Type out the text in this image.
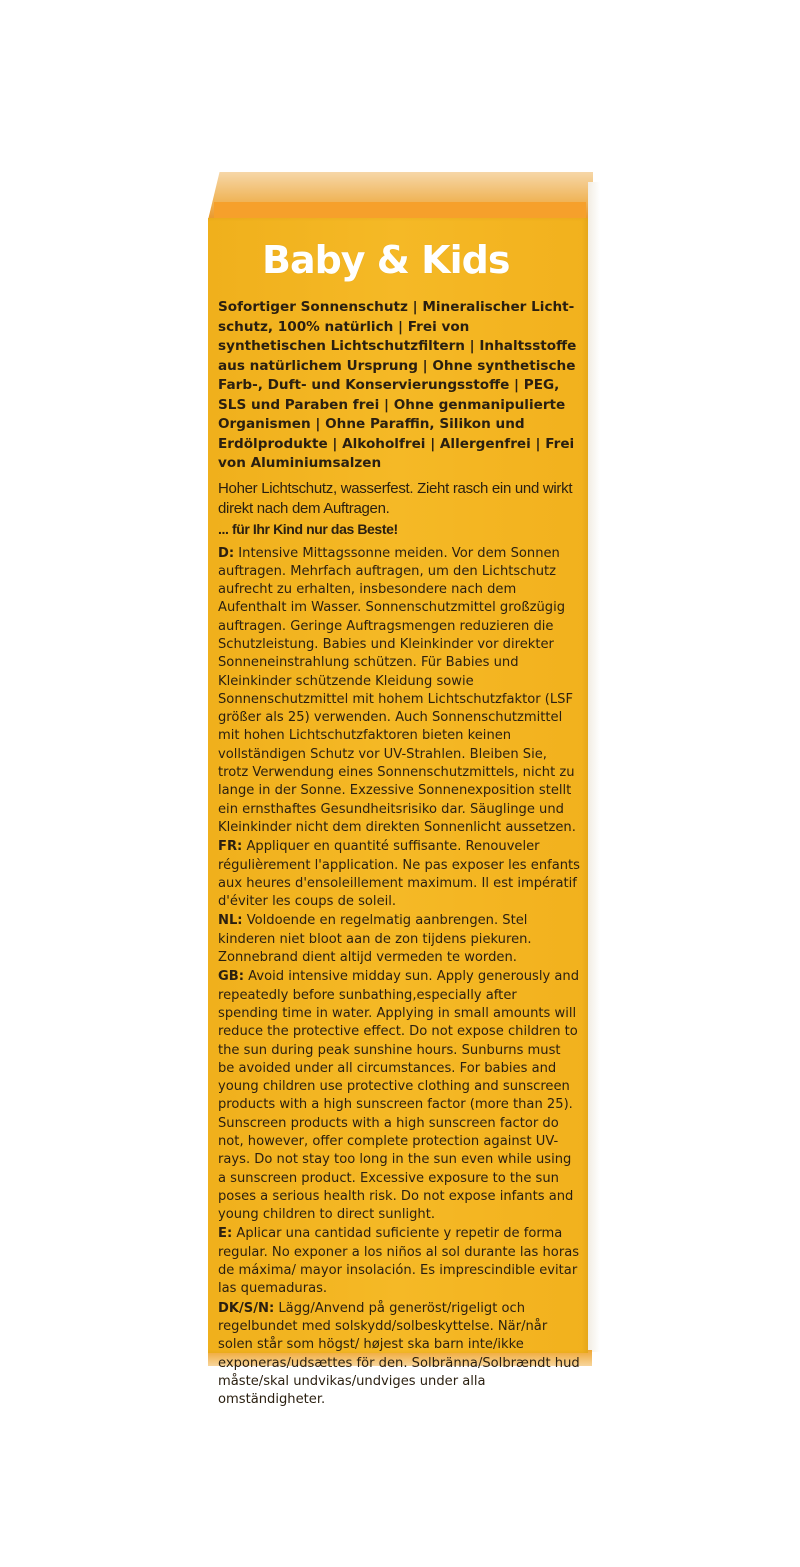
Baby & Kids

Sofortiger Sonnenschutz | Mineralischer Licht-schutz, 100% natürlich | Frei von synthetischen Lichtschutzfiltern | Inhaltsstoffe aus natürlichem Ursprung | Ohne synthetische Farb-, Duft- und Konservierungsstoffe | PEG, SLS und Paraben frei | Ohne genmanipulierte Organismen | Ohne Paraffin, Silikon und Erdölprodukte | Alkoholfrei | Allergenfrei | Frei von Aluminiumsalzen

Hoher Lichtschutz, wasserfest. Zieht rasch ein und wirkt direkt nach dem Auftragen.

... für Ihr Kind nur das Beste!

D: Intensive Mittagssonne meiden. Vor dem Sonnen auftragen. Mehrfach auftragen, um den Lichtschutz aufrecht zu erhalten, insbesondere nach dem Aufenthalt im Wasser. Sonnenschutzmittel großzügig auftragen. Geringe Auftragsmengen reduzieren die Schutzleistung. Babies und Kleinkinder vor direkter Sonneneinstrahlung schützen. Für Babies und Kleinkinder schützende Kleidung sowie Sonnenschutzmittel mit hohem Lichtschutzfaktor (LSF größer als 25) verwenden. Auch Sonnenschutzmittel mit hohen Lichtschutzfaktoren bieten keinen vollständigen Schutz vor UV-Strahlen. Bleiben Sie, trotz Verwendung eines Sonnenschutzmittels, nicht zu lange in der Sonne. Exzessive Sonnenexposition stellt ein ernsthaftes Gesundheitsrisiko dar. Säuglinge und Kleinkinder nicht dem direkten Sonnenlicht aussetzen.

FR: Appliquer en quantité suffisante. Renouveler régulièrement l'application. Ne pas exposer les enfants aux heures d'ensoleillement maximum. Il est impératif d'éviter les coups de soleil.

NL: Voldoende en regelmatig aanbrengen. Stel kinderen niet bloot aan de zon tijdens piekuren. Zonnebrand dient altijd vermeden te worden.

GB: Avoid intensive midday sun. Apply generously and repeatedly before sunbathing,especially after spending time in water. Applying in small amounts will reduce the protective effect. Do not expose children to the sun during peak sunshine hours. Sunburns must be avoided under all circumstances. For babies and young children use protective clothing and sunscreen products with a high sunscreen factor (more than 25). Sunscreen products with a high sunscreen factor do not, however, offer complete protection against UV-rays. Do not stay too long in the sun even while using a sunscreen product. Excessive exposure to the sun poses a serious health risk. Do not expose infants and young children to direct sunlight.

E: Aplicar una cantidad suficiente y repetir de forma regular. No exponer a los niños al sol durante las horas de máxima/ mayor insolación. Es imprescindible evitar las quemaduras.

DK/S/N: Lägg/Anvend på generöst/rigeligt och regelbundet med solskydd/solbeskyttelse. När/når solen står som högst/ højest ska barn inte/ikke exponeras/udsættes för den. Solbränna/Solbrændt hud måste/skal undvikas/undviges under alla omständigheter.
